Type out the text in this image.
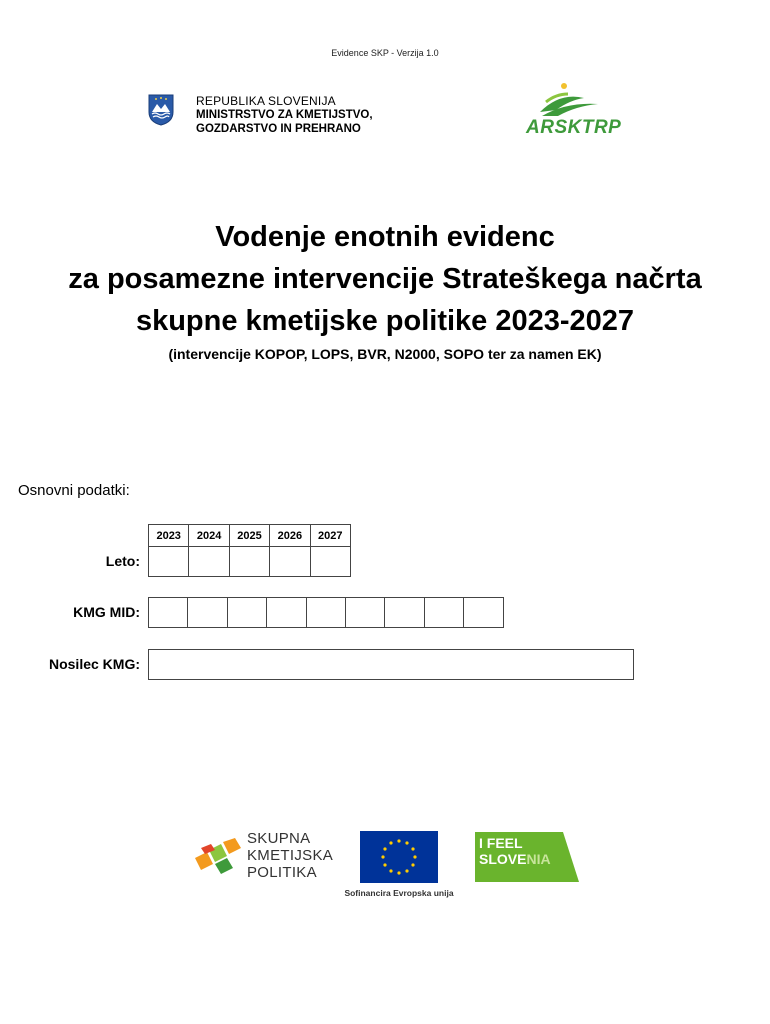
Evidence SKP - Verzija 1.0
REPUBLIKA SLOVENIJA
MINISTRSTVO ZA KMETIJSTVO,
GOZDARSTVO IN PREHRANO	ARSKTRP
Vodenje enotnih evidenc
za posamezne intervencije Strateškega načrta
skupne kmetijske politike 2023-2027
(intervencije KOPOP, LOPS, BVR, N2000, SOPO ter za namen EK)
Osnovni podatki:
2023	2024	2025	2026	2027

Leto:
KMG MID:
Nosilec KMG:
SKUPNA
KMETIJSKA
POLITIKA
Sofinancira Evropska unija
I FEEL
SLOVENIA
